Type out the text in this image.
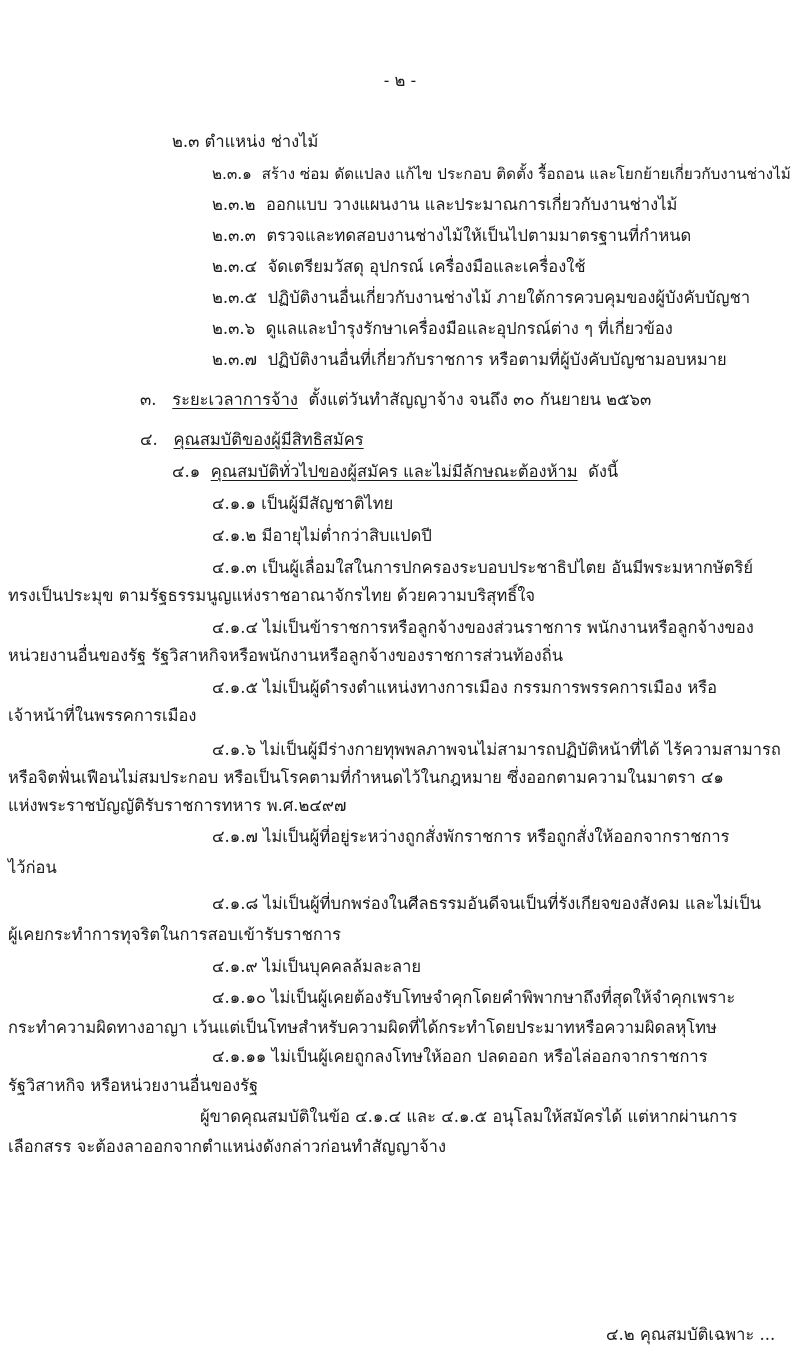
- ๒ -
๒.๓ ตำแหน่ง ช่างไม้
๒.๓.๑ สร้าง ซ่อม ดัดแปลง แก้ไข ประกอบ ติดตั้ง รื้อถอน และโยกย้ายเกี่ยวกับงานช่างไม้
๒.๓.๒ ออกแบบ วางแผนงาน และประมาณการเกี่ยวกับงานช่างไม้
๒.๓.๓ ตรวจและทดสอบงานช่างไม้ให้เป็นไปตามมาตรฐานที่กำหนด
๒.๓.๔ จัดเตรียมวัสดุ อุปกรณ์ เครื่องมือและเครื่องใช้
๒.๓.๕ ปฏิบัติงานอื่นเกี่ยวกับงานช่างไม้ ภายใต้การควบคุมของผู้บังคับบัญชา
๒.๓.๖ ดูแลและบำรุงรักษาเครื่องมือและอุปกรณ์ต่าง ๆ ที่เกี่ยวข้อง
๒.๓.๗ ปฏิบัติงานอื่นที่เกี่ยวกับราชการ หรือตามที่ผู้บังคับบัญชามอบหมาย
๓. ระยะเวลาการจ้าง ตั้งแต่วันทำสัญญาจ้าง จนถึง ๓๐ กันยายน ๒๕๖๓
๔. คุณสมบัติของผู้มีสิทธิสมัคร
๔.๑ คุณสมบัติทั่วไปของผู้สมัคร และไม่มีลักษณะต้องห้าม ดังนี้
๔.๑.๑ เป็นผู้มีสัญชาติไทย
๔.๑.๒ มีอายุไม่ต่ำกว่าสิบแปดปี
๔.๑.๓ เป็นผู้เลื่อมใสในการปกครองระบอบประชาธิปไตย อันมีพระมหากษัตริย์
ทรงเป็นประมุข ตามรัฐธรรมนูญแห่งราชอาณาจักรไทย ด้วยความบริสุทธิ์ใจ
๔.๑.๔ ไม่เป็นข้าราชการหรือลูกจ้างของส่วนราชการ พนักงานหรือลูกจ้างของ
หน่วยงานอื่นของรัฐ รัฐวิสาหกิจหรือพนักงานหรือลูกจ้างของราชการส่วนท้องถิ่น
๔.๑.๕ ไม่เป็นผู้ดำรงตำแหน่งทางการเมือง กรรมการพรรคการเมือง หรือ
เจ้าหน้าที่ในพรรคการเมือง
๔.๑.๖ ไม่เป็นผู้มีร่างกายทุพพลภาพจนไม่สามารถปฏิบัติหน้าที่ได้ ไร้ความสามารถ
หรือจิตฟั่นเฟือนไม่สมประกอบ หรือเป็นโรคตามที่กำหนดไว้ในกฎหมาย ซึ่งออกตามความในมาตรา ๔๑
แห่งพระราชบัญญัติรับราชการทหาร พ.ศ.๒๔๙๗
๔.๑.๗ ไม่เป็นผู้ที่อยู่ระหว่างถูกสั่งพักราชการ หรือถูกสั่งให้ออกจากราชการ
ไว้ก่อน
๔.๑.๘ ไม่เป็นผู้ที่บกพร่องในศีลธรรมอันดีจนเป็นที่รังเกียจของสังคม และไม่เป็น
ผู้เคยกระทำการทุจริตในการสอบเข้ารับราชการ
๔.๑.๙ ไม่เป็นบุคคลล้มละลาย
๔.๑.๑๐ ไม่เป็นผู้เคยต้องรับโทษจำคุกโดยคำพิพากษาถึงที่สุดให้จำคุกเพราะ
กระทำความผิดทางอาญา เว้นแต่เป็นโทษสำหรับความผิดที่ได้กระทำโดยประมาทหรือความผิดลหุโทษ
๔.๑.๑๑ ไม่เป็นผู้เคยถูกลงโทษให้ออก ปลดออก หรือไล่ออกจากราชการ
รัฐวิสาหกิจ หรือหน่วยงานอื่นของรัฐ
ผู้ขาดคุณสมบัติในข้อ ๔.๑.๔ และ ๔.๑.๕ อนุโลมให้สมัครได้ แต่หากผ่านการ
เลือกสรร จะต้องลาออกจากตำแหน่งดังกล่าวก่อนทำสัญญาจ้าง
๔.๒ คุณสมบัติเฉพาะ ...
